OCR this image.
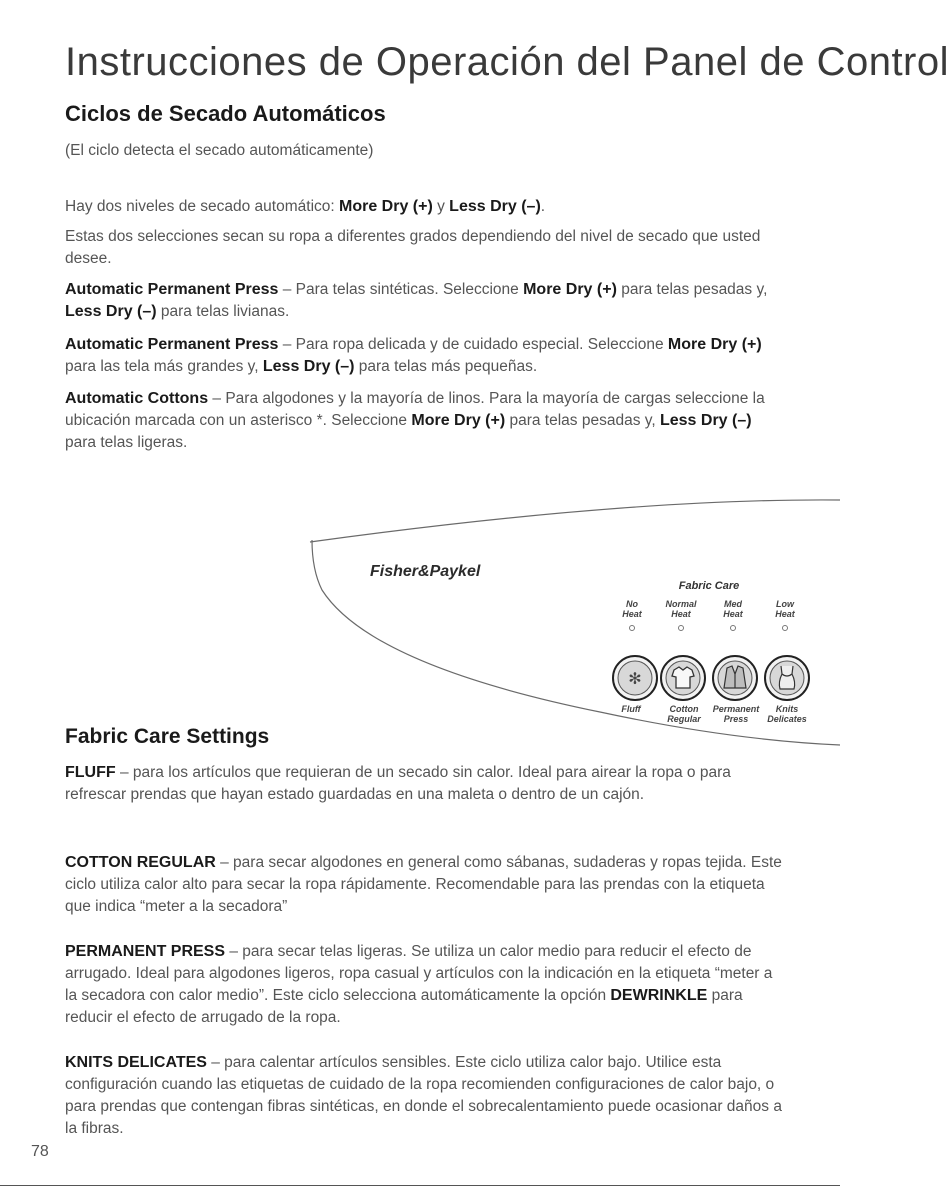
Instrucciones de Operación del Panel de Control
Ciclos de Secado Automáticos

(El ciclo detecta el secado automáticamente)

Hay dos niveles de secado automático: More Dry (+) y Less Dry (–).

Estas dos selecciones secan su ropa a diferentes grados dependiendo del nivel de secado que usted desee.

Automatic Permanent Press – Para telas sintéticas. Seleccione More Dry (+) para telas pesadas y, Less Dry (–) para telas livianas.

Automatic Permanent Press – Para ropa delicada y de cuidado especial. Seleccione More Dry (+) para las tela más grandes y, Less Dry (–) para telas más pequeñas.

Automatic Cottons – Para algodones y la mayoría de linos. Para la mayoría de cargas seleccione la ubicación marcada con un asterisco *. Seleccione More Dry (+) para telas pesadas y, Less Dry (–) para telas ligeras.

Fisher&Paykel
Fabric Care
No
Heat
Normal
Heat
Med
Heat
Low
Heat
✻
Fluff	Cotton
Regular
Permanent
Press
Knits
Delicates
Fabric Care Settings

FLUFF – para los artículos que requieran de un secado sin calor. Ideal para airear la ropa o para refrescar prendas que hayan estado guardadas en una maleta o dentro de un cajón.

COTTON REGULAR – para secar algodones en general como sábanas, sudaderas y ropas tejida. Este ciclo utiliza calor alto para secar la ropa rápidamente. Recomendable para las prendas con la etiqueta que indica “meter a la secadora”

PERMANENT PRESS – para secar telas ligeras. Se utiliza un calor medio para reducir el efecto de arrugado. Ideal para algodones ligeros, ropa casual y artículos con la indicación en la etiqueta “meter a la secadora con calor medio”. Este ciclo selecciona automáticamente la opción DEWRINKLE para reducir el efecto de arrugado de la ropa.

KNITS DELICATES – para calentar artículos sensibles. Este ciclo utiliza calor bajo. Utilice esta configuración cuando las etiquetas de cuidado de la ropa recomienden configuraciones de calor bajo, o para prendas que contengan fibras sintéticas, en donde el sobrecalentamiento puede ocasionar daños a la fibras.

78
